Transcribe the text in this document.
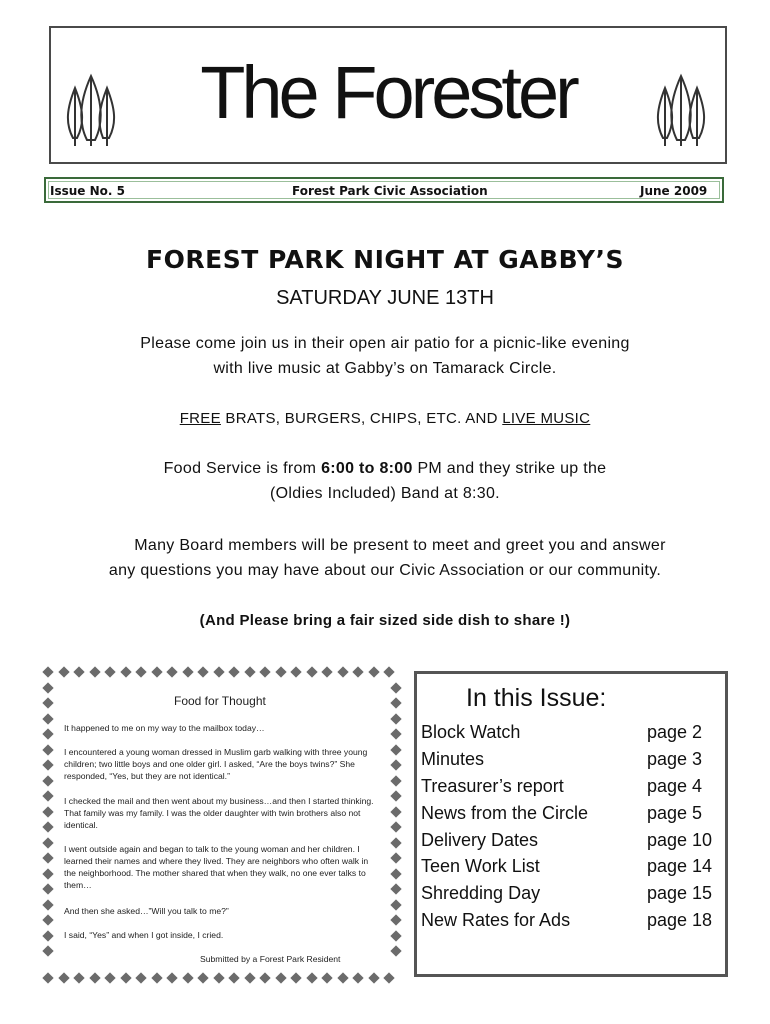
The Forester
Issue No. 5	Forest Park Civic Association	June 2009
FOREST PARK NIGHT AT GABBY’S
SATURDAY JUNE 13TH
Please come join us in their open air patio for a picnic-like evening
with live music at Gabby’s on Tamarack Circle.
FREE BRATS, BURGERS, CHIPS, ETC. AND LIVE MUSIC
Food Service is from 6:00 to 8:00 PM and they strike up the
(Oldies Included) Band at 8:30.
Many Board members will be present to meet and greet you and answer
any questions you may have about our Civic Association or our community.
(And Please bring a fair sized side dish to share !)
Food for Thought
It happened to me on my way to the mailbox today…
I encountered a young woman dressed in Muslim garb walking with three young children; two little boys and one older girl. I asked, “Are the boys twins?” She responded, “Yes, but they are not identical.”
I checked the mail and then went about my business…and then I started thinking. That family was my family. I was the older daughter with twin brothers also not identical.
I went outside again and began to talk to the young woman and her children. I learned their names and where they lived. They are neighbors who often walk in the neighborhood. The mother shared that when they walk, no one ever talks to them…
And then she asked…”Will you talk to me?”
I said, “Yes” and when I got inside, I cried.
Submitted by a Forest Park Resident
In this Issue:
Block Watch	page 2
Minutes	page 3
Treasurer’s report	page 4
News from the Circle	page 5
Delivery Dates	page 10
Teen Work List	page 14
Shredding Day	page 15
New Rates for Ads	page 18
